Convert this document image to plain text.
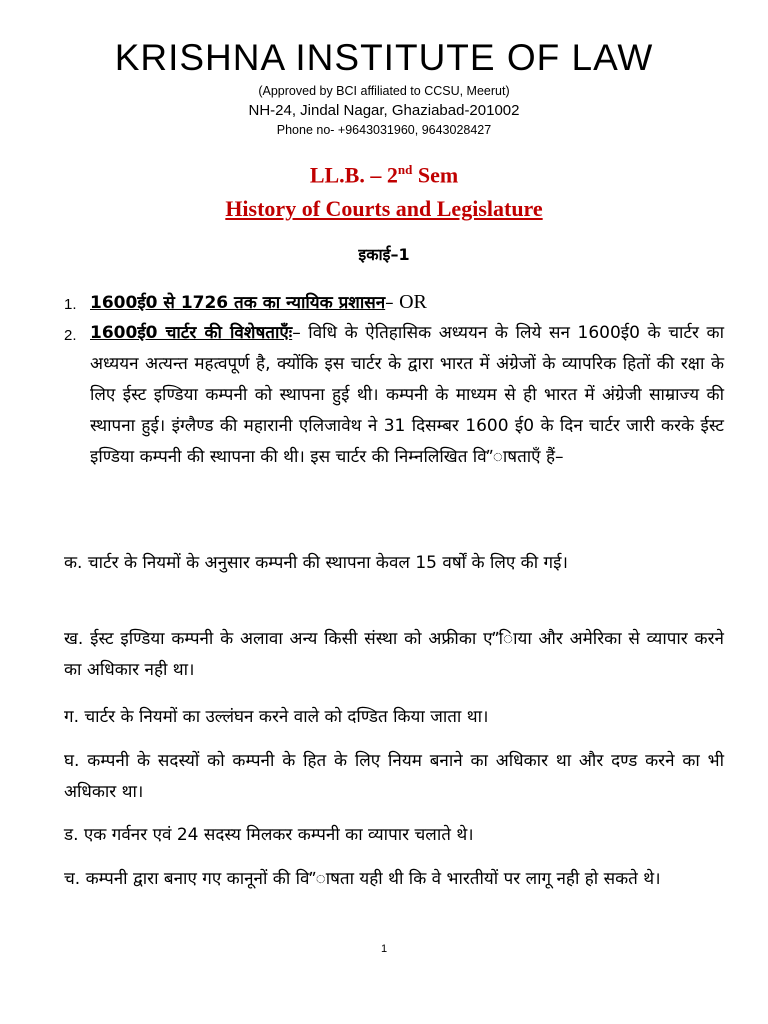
KRISHNA INSTITUTE OF LAW
(Approved by BCI affiliated to CCSU, Meerut)
NH-24, Jindal Nagar, Ghaziabad-201002
Phone no- +9643031960, 9643028427
LL.B. – 2nd Sem
History of Courts and Legislature
इकाई–1
1. 1600ई0 से 1726 तक का न्यायिक प्रशासन– OR
2. 1600ई0 चार्टर की विशेषताएँः– विधि के ऐतिहासिक अध्ययन के लिये सन 1600ई0 के चार्टर का अध्ययन अत्यन्त महत्वपूर्ण है, क्योंकि इस चार्टर के द्वारा भारत में अंग्रेजों के व्यापरिक हितों की रक्षा के लिए ईस्ट इण्डिया कम्पनी को स्थापना हुई थी। कम्पनी के माध्यम से ही भारत में अंग्रेजी साम्राज्य की स्थापना हुई। इंग्लैण्ड की महारानी एलिजावेथ ने 31 दिसम्बर 1600 ई0 के दिन चार्टर जारी करके ईस्ट इण्डिया कम्पनी की स्थापना की थी। इस चार्टर की निम्नलिखित वि”ाषताएँ हैं–
क. चार्टर के नियमों के अनुसार कम्पनी की स्थापना केवल 15 वर्षों के लिए की गई।
ख. ईस्ट इण्डिया कम्पनी के अलावा अन्य किसी संस्था को अफ्रीका ए”िाया और अमेरिका से व्यापार करने का अधिकार नही था।
ग. चार्टर के नियमों का उल्लंघन करने वाले को दण्डित किया जाता था।
घ. कम्पनी के सदस्यों को कम्पनी के हित के लिए नियम बनाने का अधिकार था और दण्ड करने का भी अधिकार था।
ड. एक गर्वनर एवं 24 सदस्य मिलकर कम्पनी का व्यापार चलाते थे।
च. कम्पनी द्वारा बनाए गए कानूनों की वि”ाषता यही थी कि वे भारतीयों पर लागू नही हो सकते थे।
1
